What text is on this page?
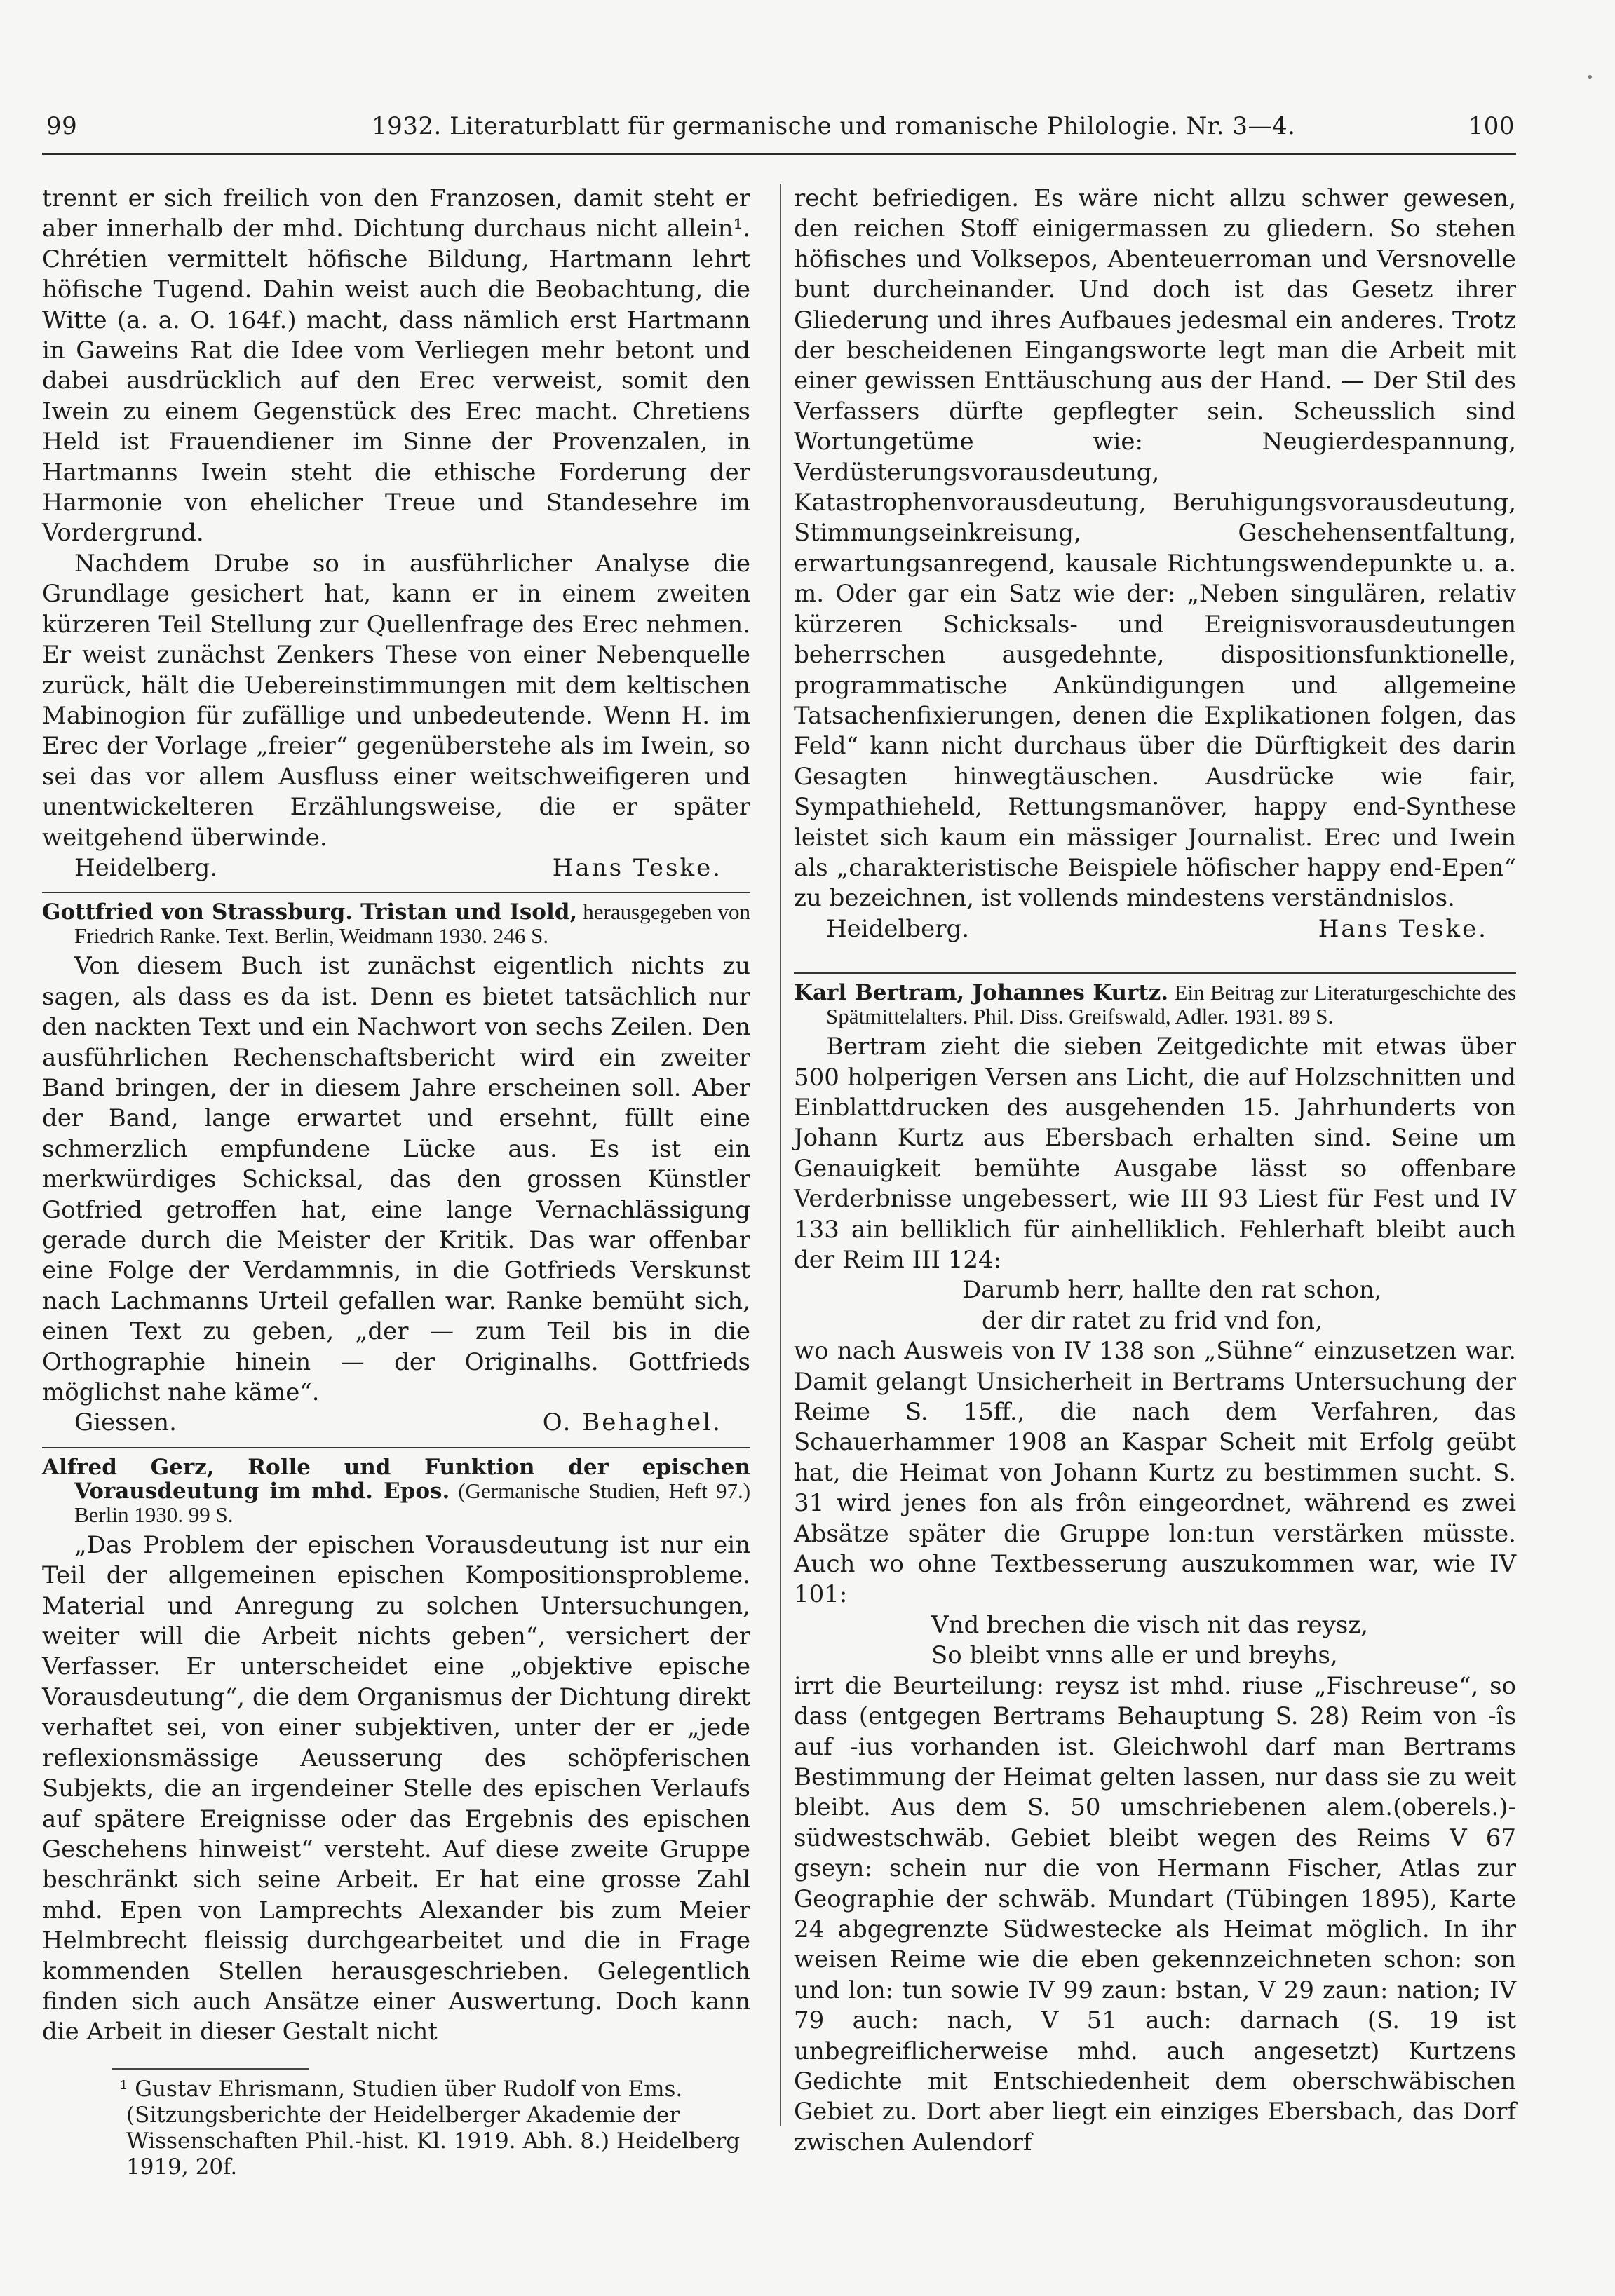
•
99	1932. Literaturblatt für germanische und romanische Philologie. Nr. 3—4.	100

trennt er sich freilich von den Franzosen, damit steht er aber innerhalb der mhd. Dichtung durchaus nicht allein¹. Chrétien vermittelt höfische Bildung, Hartmann lehrt höfische Tugend. Dahin weist auch die Beobachtung, die Witte (a. a. O. 164f.) macht, dass nämlich erst Hartmann in Gaweins Rat die Idee vom Verliegen mehr betont und dabei ausdrücklich auf den Erec verweist, somit den Iwein zu einem Gegenstück des Erec macht. Chretiens Held ist Frauendiener im Sinne der Provenzalen, in Hartmanns Iwein steht die ethische Forderung der Harmonie von ehelicher Treue und Standesehre im Vordergrund.

Nachdem Drube so in ausführlicher Analyse die Grundlage gesichert hat, kann er in einem zweiten kürzeren Teil Stellung zur Quellenfrage des Erec nehmen. Er weist zunächst Zenkers These von einer Nebenquelle zurück, hält die Uebereinstimmungen mit dem keltischen Mabinogion für zufällige und unbedeutende. Wenn H. im Erec der Vorlage „freier“ gegenüberstehe als im Iwein, so sei das vor allem Ausfluss einer weitschweifigeren und unentwickelteren Erzählungsweise, die er später weitgehend überwinde.

Heidelberg.	Hans Teske.

Gottfried von Strassburg. Tristan und Isold, herausgegeben von Friedrich Ranke. Text. Berlin, Weidmann 1930. 246 S.

Von diesem Buch ist zunächst eigentlich nichts zu sagen, als dass es da ist. Denn es bietet tatsächlich nur den nackten Text und ein Nachwort von sechs Zeilen. Den ausführlichen Rechenschaftsbericht wird ein zweiter Band bringen, der in diesem Jahre erscheinen soll. Aber der Band, lange erwartet und ersehnt, füllt eine schmerzlich empfundene Lücke aus. Es ist ein merkwürdiges Schicksal, das den grossen Künstler Gotfried getroffen hat, eine lange Vernachlässigung gerade durch die Meister der Kritik. Das war offenbar eine Folge der Verdammnis, in die Gotfrieds Verskunst nach Lachmanns Urteil gefallen war. Ranke bemüht sich, einen Text zu geben, „der — zum Teil bis in die Orthographie hinein — der Originalhs. Gottfrieds möglichst nahe käme“.

Giessen.	O. Behaghel.

Alfred Gerz, Rolle und Funktion der epischen Vorausdeutung im mhd. Epos. (Germanische Studien, Heft 97.) Berlin 1930. 99 S.

„Das Problem der epischen Vorausdeutung ist nur ein Teil der allgemeinen epischen Kompositionsprobleme. Material und Anregung zu solchen Untersuchungen, weiter will die Arbeit nichts geben“, versichert der Verfasser. Er unterscheidet eine „objektive epische Vorausdeutung“, die dem Organismus der Dichtung direkt verhaftet sei, von einer subjektiven, unter der er „jede reflexionsmässige Aeusserung des schöpferischen Subjekts, die an irgendeiner Stelle des epischen Verlaufs auf spätere Ereignisse oder das Ergebnis des epischen Geschehens hinweist“ versteht. Auf diese zweite Gruppe beschränkt sich seine Arbeit. Er hat eine grosse Zahl mhd. Epen von Lamprechts Alexander bis zum Meier Helmbrecht fleissig durchgearbeitet und die in Frage kommenden Stellen herausgeschrieben. Gelegentlich finden sich auch Ansätze einer Auswertung. Doch kann die Arbeit in dieser Gestalt nicht

¹ Gustav Ehrismann, Studien über Rudolf von Ems. (Sitzungsberichte der Heidelberger Akademie der Wissenschaften Phil.-hist. Kl. 1919. Abh. 8.) Heidelberg 1919, 20f.

recht befriedigen. Es wäre nicht allzu schwer gewesen, den reichen Stoff einigermassen zu gliedern. So stehen höfisches und Volksepos, Abenteuerroman und Versnovelle bunt durcheinander. Und doch ist das Gesetz ihrer Gliederung und ihres Aufbaues jedesmal ein anderes. Trotz der bescheidenen Eingangsworte legt man die Arbeit mit einer gewissen Enttäuschung aus der Hand. — Der Stil des Verfassers dürfte gepflegter sein. Scheusslich sind Wortungetüme wie: Neugierdespannung, Verdüsterungsvorausdeutung, Katastrophenvorausdeutung, Beruhigungsvorausdeutung, Stimmungseinkreisung, Geschehensentfaltung, erwartungsanregend, kausale Richtungswendepunkte u. a. m. Oder gar ein Satz wie der: „Neben singulären, relativ kürzeren Schicksals- und Ereignisvorausdeutungen beherrschen ausgedehnte, dispositionsfunktionelle, programmatische Ankündigungen und allgemeine Tatsachenfixierungen, denen die Explikationen folgen, das Feld“ kann nicht durchaus über die Dürftigkeit des darin Gesagten hinwegtäuschen. Ausdrücke wie fair, Sympathieheld, Rettungsmanöver, happy end-Synthese leistet sich kaum ein mässiger Journalist. Erec und Iwein als „charakteristische Beispiele höfischer happy end-Epen“ zu bezeichnen, ist vollends mindestens verständnislos.

Heidelberg.	Hans Teske.

Karl Bertram, Johannes Kurtz. Ein Beitrag zur Literaturgeschichte des Spätmittelalters. Phil. Diss. Greifswald, Adler. 1931. 89 S.

Bertram zieht die sieben Zeitgedichte mit etwas über 500 holperigen Versen ans Licht, die auf Holzschnitten und Einblattdrucken des ausgehenden 15. Jahrhunderts von Johann Kurtz aus Ebersbach erhalten sind. Seine um Genauigkeit bemühte Ausgabe lässt so offenbare Verderbnisse ungebessert, wie III 93 Liest für Fest und IV 133 ain belliklich für ainhelliklich. Fehlerhaft bleibt auch der Reim III 124:

Darumb herr, hallte den rat schon,

der dir ratet zu frid vnd fon,

wo nach Ausweis von IV 138 son „Sühne“ einzusetzen war. Damit gelangt Unsicherheit in Bertrams Untersuchung der Reime S. 15ff., die nach dem Verfahren, das Schauerhammer 1908 an Kaspar Scheit mit Erfolg geübt hat, die Heimat von Johann Kurtz zu bestimmen sucht. S. 31 wird jenes fon als frôn eingeordnet, während es zwei Absätze später die Gruppe lon:tun verstärken müsste. Auch wo ohne Textbesserung auszukommen war, wie IV 101:

Vnd brechen die visch nit das reysz,

So bleibt vnns alle er und breyhs,

irrt die Beurteilung: reysz ist mhd. riuse „Fischreuse“, so dass (entgegen Bertrams Behauptung S. 28) Reim von -îs auf -ius vorhanden ist. Gleichwohl darf man Bertrams Bestimmung der Heimat gelten lassen, nur dass sie zu weit bleibt. Aus dem S. 50 umschriebenen alem.(oberels.)-südwestschwäb. Gebiet bleibt wegen des Reims V 67 gseyn: schein nur die von Hermann Fischer, Atlas zur Geographie der schwäb. Mundart (Tübingen 1895), Karte 24 abgegrenzte Südwestecke als Heimat möglich. In ihr weisen Reime wie die eben gekennzeichneten schon: son und lon: tun sowie IV 99 zaun: bstan, V 29 zaun: nation; IV 79 auch: nach, V 51 auch: darnach (S. 19 ist unbegreiflicherweise mhd. auch angesetzt) Kurtzens Gedichte mit Entschiedenheit dem oberschwäbischen Gebiet zu. Dort aber liegt ein einziges Ebersbach, das Dorf zwischen Aulendorf
